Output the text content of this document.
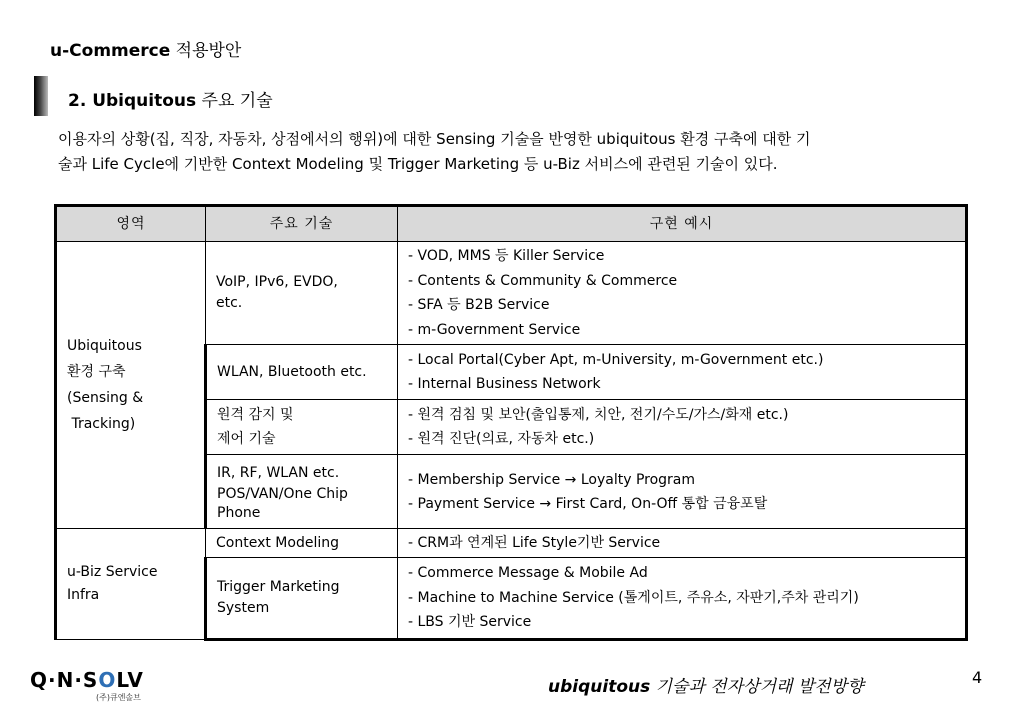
u-Commerce 적용방안
2. Ubiquitous 주요 기술

이용자의 상황(집, 직장, 자동차, 상점에서의 행위)에 대한 Sensing 기술을 반영한 ubiquitous 환경 구축에 대한 기
술과 Life Cycle에 기반한 Context Modeling 및 Trigger Marketing 등 u-Biz 서비스에 관련된 기술이 있다.

영역	주요 기술	구현 예시

Ubiquitous
환경 구축
(Sensing &
Tracking)	VoIP, IPv6, EVDO,
etc.	- VOD, MMS 등 Killer Service
- Contents & Community & Commerce
- SFA 등 B2B Service
- m-Government Service

	WLAN, Bluetooth etc.	- Local Portal(Cyber Apt, m-University, m-Government etc.)
- Internal Business Network

	원격 감지 및
제어 기술	- 원격 검침 및 보안(출입통제, 치안, 전기/수도/가스/화재 etc.)
- 원격 진단(의료, 자동차 etc.)

	IR, RF, WLAN etc.
POS/VAN/One Chip
Phone	- Membership Service → Loyalty Program
- Payment Service → First Card, On-Off 통합 금융포탈

u-Biz Service
Infra	Context Modeling	- CRM과 연계된 Life Style기반 Service

	Trigger Marketing
System	- Commerce Message & Mobile Ad
- Machine to Machine Service (톨게이트, 주유소, 자판기,주차 관리기)
- LBS 기반 Service
Q·N·SOLV
(주)큐엔솔브
ubiquitous 기술과 전자상거래 발전방향	4
